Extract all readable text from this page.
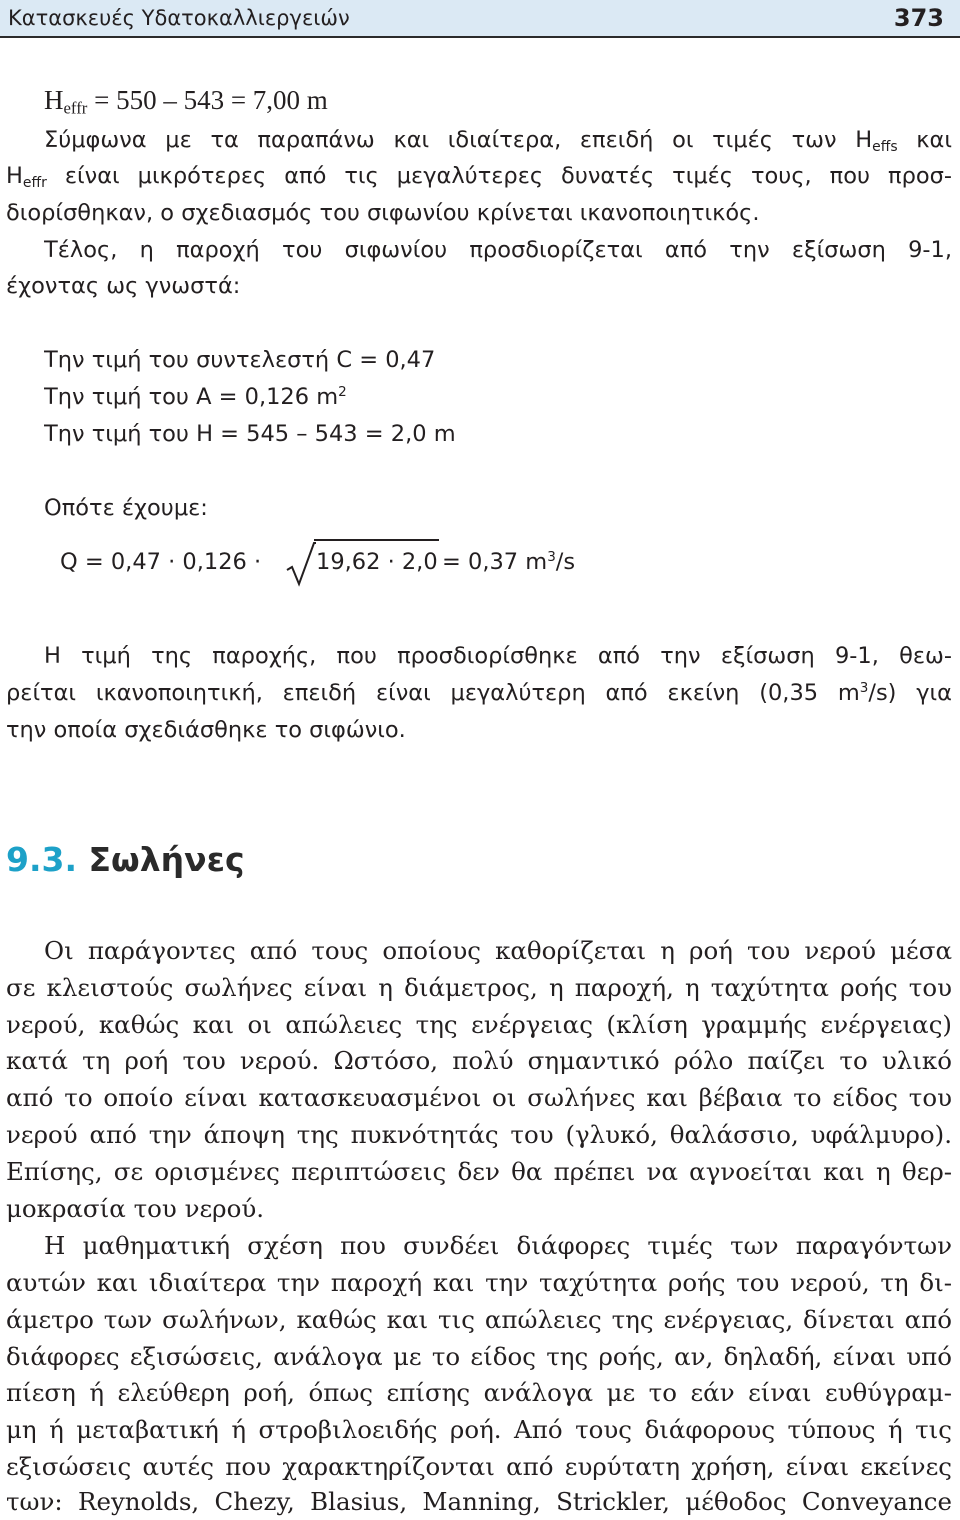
Κατασκευές Υδατοκαλλιεργειών	373
$H_{effr} = 550 - 543 = 7,00$ m
Σύμφωνα με τα παραπάνω και ιδιαίτερα, επειδή οι τιμές των $H_{effs}$ και
$H_{effr}$ είναι μικρότερες από τις μεγαλύτερες δυνατές τιμές τους, που προσ-
διορίσθηκαν, ο σχεδιασμός του σιφωνίου κρίνεται ικανοποιητικός.
Τέλος, η παροχή του σιφωνίου προσδιορίζεται από την εξίσωση 9-1,
έχοντας ως γνωστά:
Την τιμή του συντελεστή C = 0,47
Την τιμή του A = 0,126 $m^2$
Την τιμή του H = 545 – 543 = 2,0 m
Οπότε έχουμε:
Q = 0,47 · 0,126 ·	19,62 · 2,0 = 0,37 $m^3/s$
Η τιμή της παροχής, που προσδιορίσθηκε από την εξίσωση 9-1, θεω-
ρείται ικανοποιητική, επειδή είναι μεγαλύτερη από εκείνη (0,35 $m^3/s$) για
την οποία σχεδιάσθηκε το σιφώνιο.
9.3. Σωλήνες
Οι παράγοντες από τους οποίους καθορίζεται η ροή του νερού μέσα
σε κλειστούς σωλήνες είναι η διάμετρος, η παροχή, η ταχύτητα ροής του
νερού, καθώς και οι απώλειες της ενέργειας (κλίση γραμμής ενέργειας)
κατά τη ροή του νερού. Ωστόσο, πολύ σημαντικό ρόλο παίζει το υλικό
από το οποίο είναι κατασκευασμένοι οι σωλήνες και βέβαια το είδος του
νερού από την άποψη της πυκνότητάς του (γλυκό, θαλάσσιο, υφάλμυρο).
Επίσης, σε ορισμένες περιπτώσεις δεν θα πρέπει να αγνοείται και η θερ-
μοκρασία του νερού.
Η μαθηματική σχέση που συνδέει διάφορες τιμές των παραγόντων
αυτών και ιδιαίτερα την παροχή και την ταχύτητα ροής του νερού, τη δι-
άμετρο των σωλήνων, καθώς και τις απώλειες της ενέργειας, δίνεται από
διάφορες εξισώσεις, ανάλογα με το είδος της ροής, αν, δηλαδή, είναι υπό
πίεση ή ελεύθερη ροή, όπως επίσης ανάλογα με το εάν είναι ευθύγραμ-
μη ή μεταβατική ή στροβιλοειδής ροή. Από τους διάφορους τύπους ή τις
εξισώσεις αυτές που χαρακτηρίζονται από ευρύτατη χρήση, είναι εκείνες
των: Reynolds, Chezy, Blasius, Manning, Strickler, μέθοδος Conveyance
